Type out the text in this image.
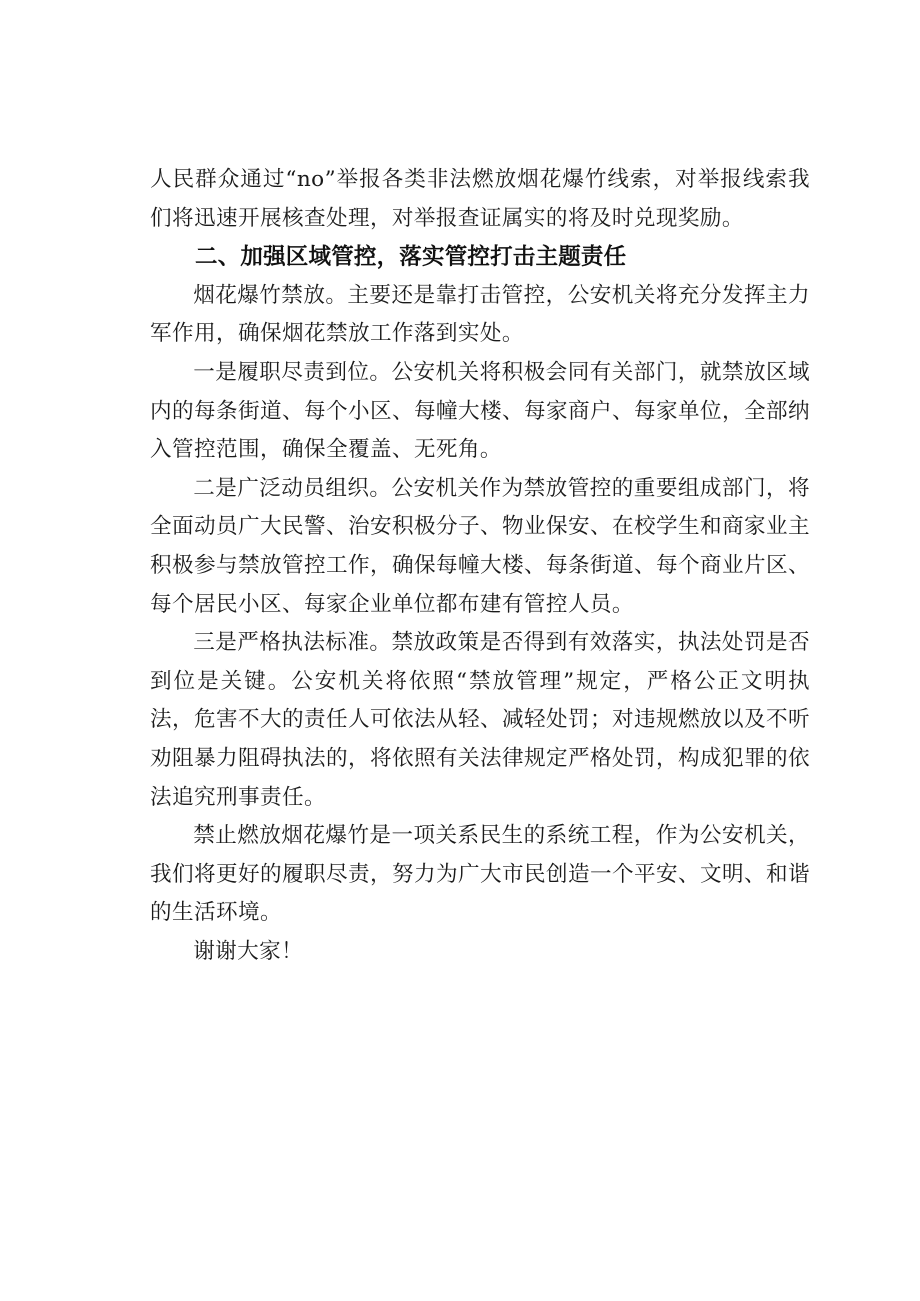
人民群众通过“no”举报各类非法燃放烟花爆竹线索，对举报线索我们将迅速开展核查处理，对举报查证属实的将及时兑现奖励。

二、加强区域管控，落实管控打击主题责任

烟花爆竹禁放。主要还是靠打击管控，公安机关将充分发挥主力军作用，确保烟花禁放工作落到实处。

一是履职尽责到位。公安机关将积极会同有关部门，就禁放区域内的每条街道、每个小区、每幢大楼、每家商户、每家单位，全部纳入管控范围，确保全覆盖、无死角。

二是广泛动员组织。公安机关作为禁放管控的重要组成部门，将全面动员广大民警、治安积极分子、物业保安、在校学生和商家业主积极参与禁放管控工作，确保每幢大楼、每条街道、每个商业片区、每个居民小区、每家企业单位都布建有管控人员。

三是严格执法标准。禁放政策是否得到有效落实，执法处罚是否到位是关键。公安机关将依照“禁放管理”规定，严格公正文明执法，危害不大的责任人可依法从轻、减轻处罚；对违规燃放以及不听劝阻暴力阻碍执法的，将依照有关法律规定严格处罚，构成犯罪的依法追究刑事责任。

禁止燃放烟花爆竹是一项关系民生的系统工程，作为公安机关，我们将更好的履职尽责，努力为广大市民创造一个平安、文明、和谐的生活环境。

谢谢大家！
